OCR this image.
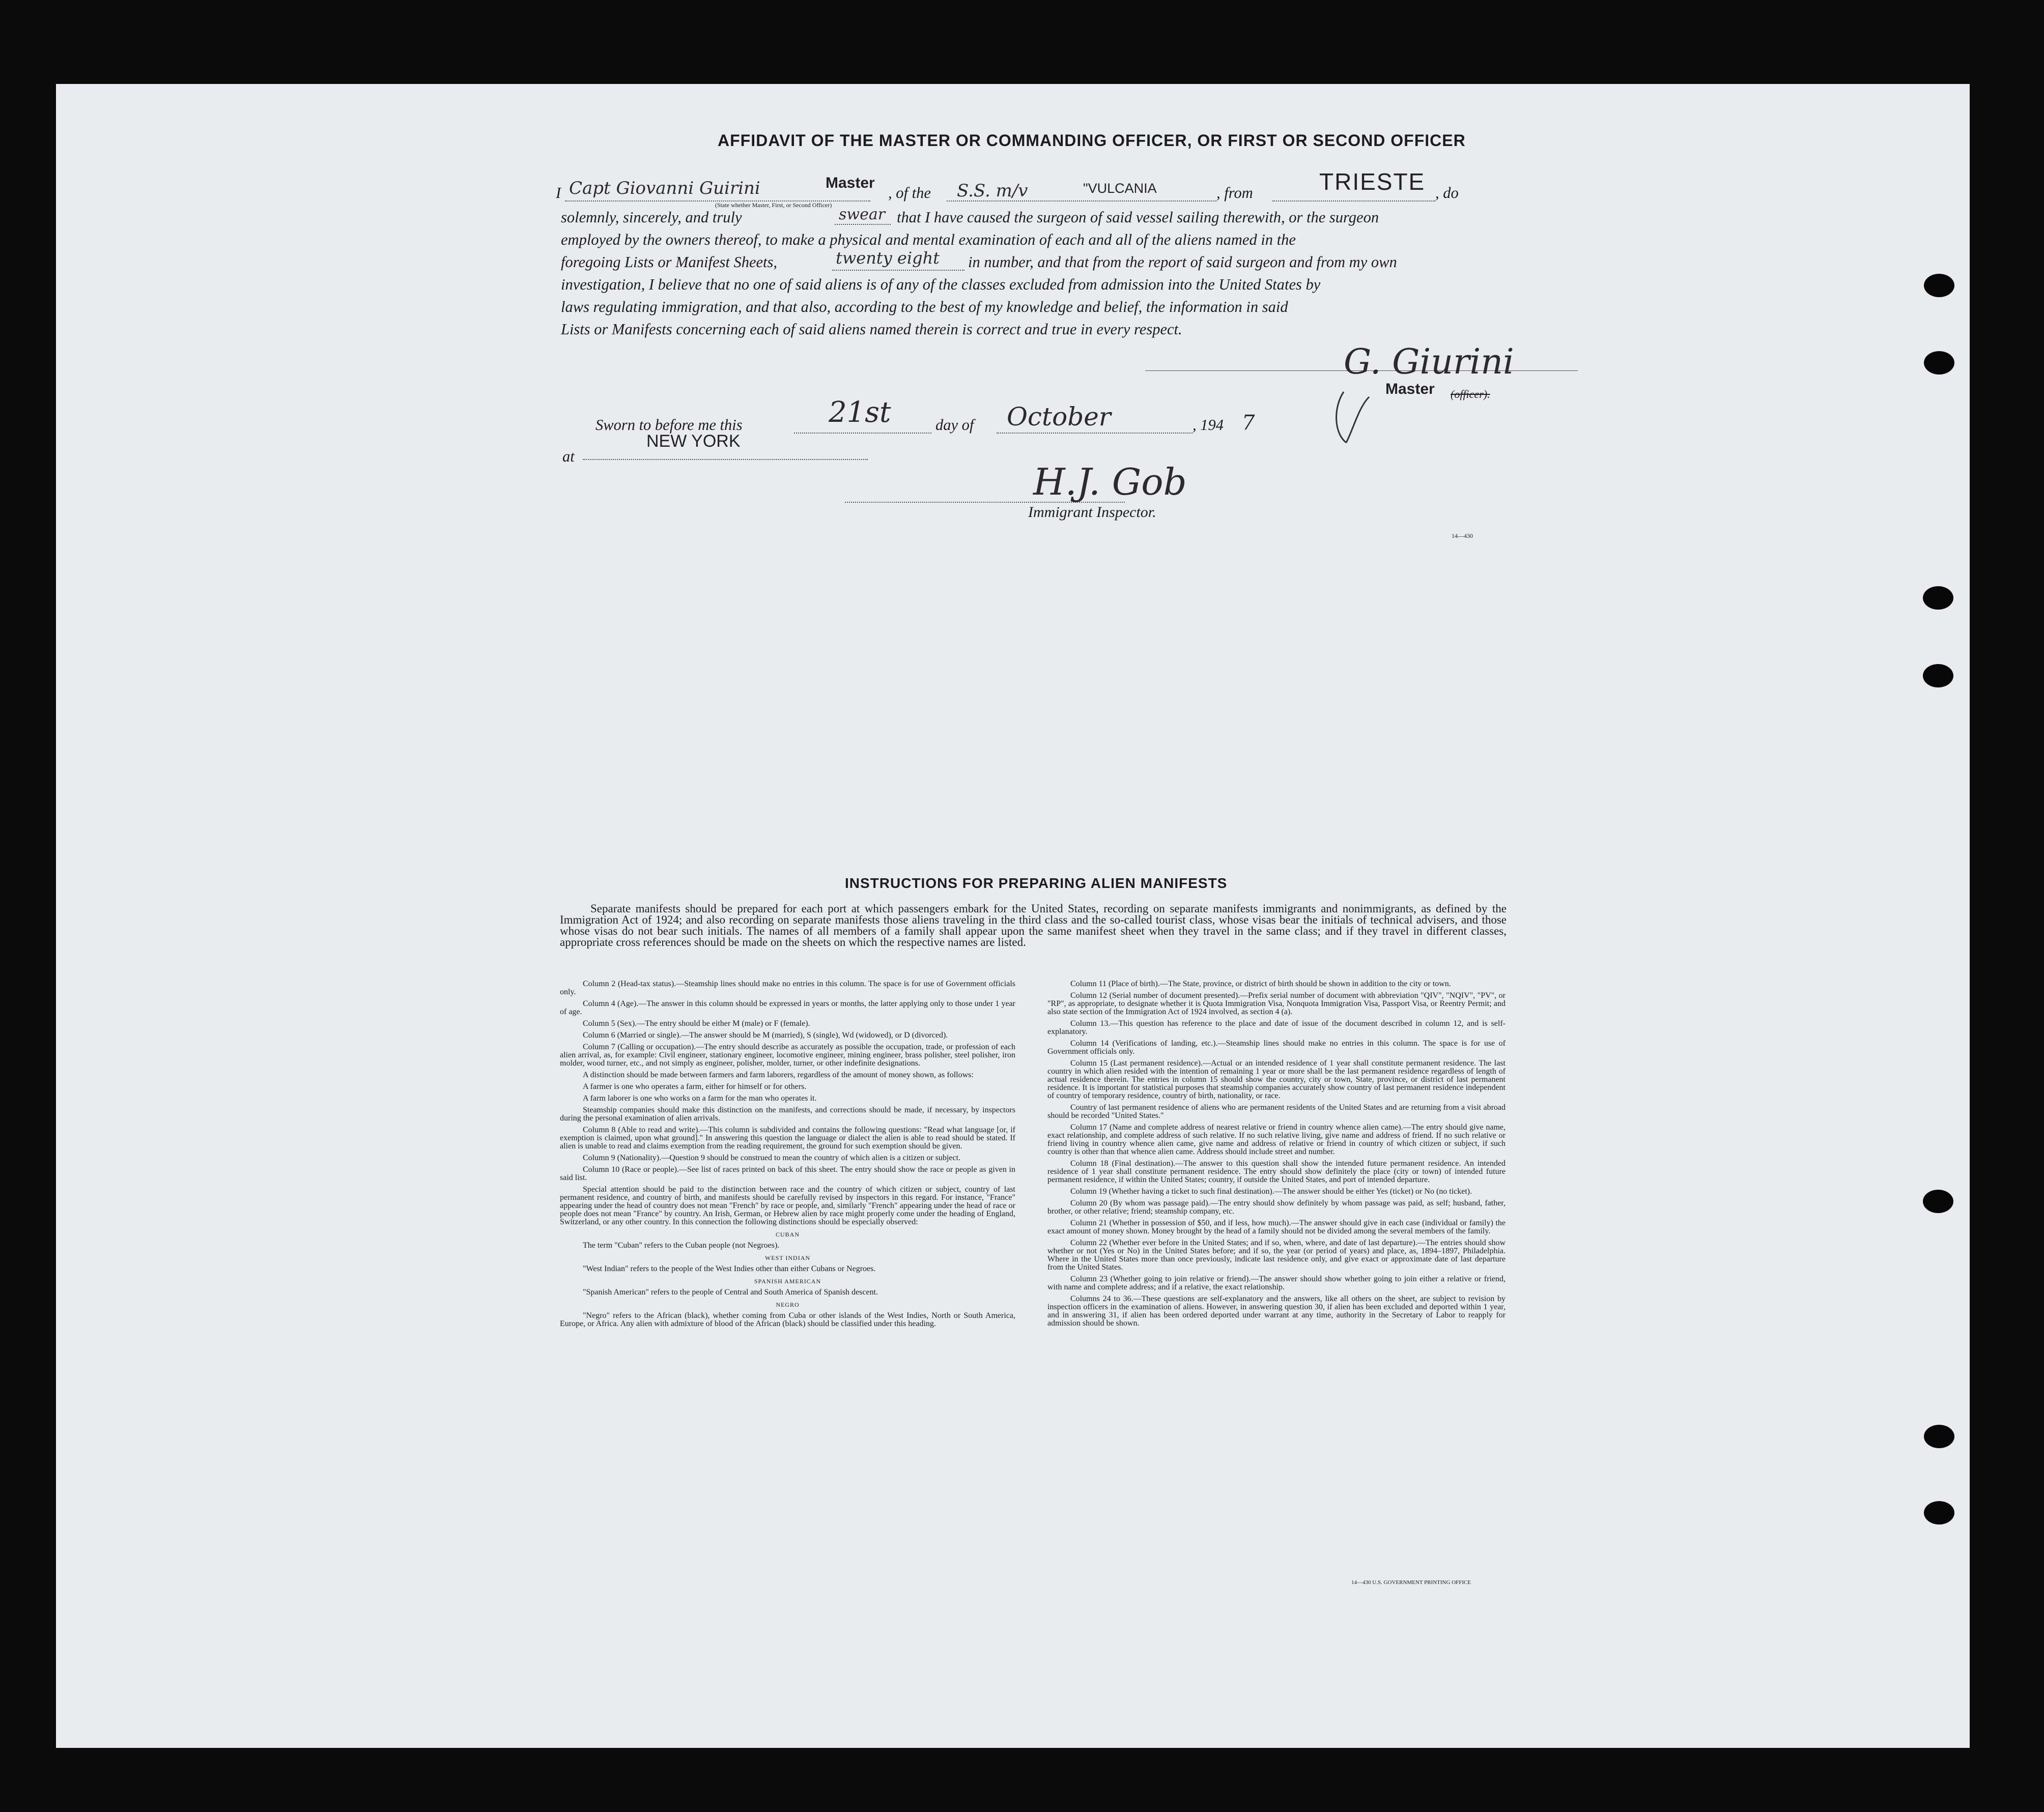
AFFIDAVIT OF THE MASTER OR COMMANDING OFFICER, OR FIRST OR SECOND OFFICER
I Capt Giovanni Guirini	Master
, of the S.S. m/v	"VULCANIA	, from	TRIESTE , do
(State whether Master, First, or Second Officer)
solemnly, sincerely, and truly	swear that I have caused the surgeon of said vessel sailing therewith, or the surgeon
employed by the owners thereof, to make a physical and mental examination of each and all of the aliens named in the
foregoing Lists or Manifest Sheets,	twenty eight in number, and that from the report of said surgeon and from my own
investigation, I believe that no one of said aliens is of any of the classes excluded from admission into the United States by
laws regulating immigration, and that also, according to the best of my knowledge and belief, the information in said
Lists or Manifests concerning each of said aliens named therein is correct and true in every respect.
G. Giurini
Master (officer).
Sworn to before me this	21st	day of October	, 194 7
at
NEW YORK
H.J. Gob
Immigrant Inspector.
14—430
INSTRUCTIONS FOR PREPARING ALIEN MANIFESTS

Separate manifests should be prepared for each port at which passengers embark for the United States, recording on separate manifests immigrants and nonimmigrants, as defined by the Immigration Act of 1924; and also recording on separate manifests those aliens traveling in the third class and the so-called tourist class, whose visas bear the initials of technical advisers, and those whose visas do not bear such initials. The names of all members of a family shall appear upon the same manifest sheet when they travel in the same class; and if they travel in different classes, appropriate cross references should be made on the sheets on which the respective names are listed.

Column 2 (Head-tax status).—Steamship lines should make no entries in this column. The space is for use of Government officials only.

Column 4 (Age).—The answer in this column should be expressed in years or months, the latter applying only to those under 1 year of age.

Column 5 (Sex).—The entry should be either M (male) or F (female).

Column 6 (Married or single).—The answer should be M (married), S (single), Wd (widowed), or D (divorced).

Column 7 (Calling or occupation).—The entry should describe as accurately as possible the occupation, trade, or profession of each alien arrival, as, for example: Civil engineer, stationary engineer, locomotive engineer, mining engineer, brass polisher, steel polisher, iron molder, wood turner, etc., and not simply as engineer, polisher, molder, turner, or other indefinite designations.

A distinction should be made between farmers and farm laborers, regardless of the amount of money shown, as follows:

A farmer is one who operates a farm, either for himself or for others.

A farm laborer is one who works on a farm for the man who operates it.

Steamship companies should make this distinction on the manifests, and corrections should be made, if necessary, by inspectors during the personal examination of alien arrivals.

Column 8 (Able to read and write).—This column is subdivided and contains the following questions: "Read what language [or, if exemption is claimed, upon what ground]." In answering this question the language or dialect the alien is able to read should be stated. If alien is unable to read and claims exemption from the reading requirement, the ground for such exemption should be given.

Column 9 (Nationality).—Question 9 should be construed to mean the country of which alien is a citizen or subject.

Column 10 (Race or people).—See list of races printed on back of this sheet. The entry should show the race or people as given in said list.

Special attention should be paid to the distinction between race and the country of which citizen or subject, country of last permanent residence, and country of birth, and manifests should be carefully revised by inspectors in this regard. For instance, "France" appearing under the head of country does not mean "French" by race or people, and, similarly "French" appearing under the head of race or people does not mean "France" by country. An Irish, German, or Hebrew alien by race might properly come under the heading of England, Switzerland, or any other country. In this connection the following distinctions should be especially observed:

CUBAN

The term "Cuban" refers to the Cuban people (not Negroes).

WEST INDIAN

"West Indian" refers to the people of the West Indies other than either Cubans or Negroes.

SPANISH AMERICAN

"Spanish American" refers to the people of Central and South America of Spanish descent.

NEGRO

"Negro" refers to the African (black), whether coming from Cuba or other islands of the West Indies, North or South America, Europe, or Africa. Any alien with admixture of blood of the African (black) should be classified under this heading.

Column 11 (Place of birth).—The State, province, or district of birth should be shown in addition to the city or town.

Column 12 (Serial number of document presented).—Prefix serial number of document with abbreviation "QIV", "NQIV", "PV", or "RP", as appropriate, to designate whether it is Quota Immigration Visa, Nonquota Immigration Visa, Passport Visa, or Reentry Permit; and also state section of the Immigration Act of 1924 involved, as section 4 (a).

Column 13.—This question has reference to the place and date of issue of the document described in column 12, and is self-explanatory.

Column 14 (Verifications of landing, etc.).—Steamship lines should make no entries in this column. The space is for use of Government officials only.

Column 15 (Last permanent residence).—Actual or an intended residence of 1 year shall constitute permanent residence. The last country in which alien resided with the intention of remaining 1 year or more shall be the last permanent residence regardless of length of actual residence therein. The entries in column 15 should show the country, city or town, State, province, or district of last permanent residence. It is important for statistical purposes that steamship companies accurately show country of last permanent residence independent of country of temporary residence, country of birth, nationality, or race.

Country of last permanent residence of aliens who are permanent residents of the United States and are returning from a visit abroad should be recorded "United States."

Column 17 (Name and complete address of nearest relative or friend in country whence alien came).—The entry should give name, exact relationship, and complete address of such relative. If no such relative living, give name and address of friend. If no such relative or friend living in country whence alien came, give name and address of relative or friend in country of which citizen or subject, if such country is other than that whence alien came. Address should include street and number.

Column 18 (Final destination).—The answer to this question shall show the intended future permanent residence. An intended residence of 1 year shall constitute permanent residence. The entry should show definitely the place (city or town) of intended future permanent residence, if within the United States; country, if outside the United States, and port of intended departure.

Column 19 (Whether having a ticket to such final destination).—The answer should be either Yes (ticket) or No (no ticket).

Column 20 (By whom was passage paid).—The entry should show definitely by whom passage was paid, as self; husband, father, brother, or other relative; friend; steamship company, etc.

Column 21 (Whether in possession of $50, and if less, how much).—The answer should give in each case (individual or family) the exact amount of money shown. Money brought by the head of a family should not be divided among the several members of the family.

Column 22 (Whether ever before in the United States; and if so, when, where, and date of last departure).—The entries should show whether or not (Yes or No) in the United States before; and if so, the year (or period of years) and place, as, 1894–1897, Philadelphia. Where in the United States more than once previously, indicate last residence only, and give exact or approximate date of last departure from the United States.

Column 23 (Whether going to join relative or friend).—The answer should show whether going to join either a relative or friend, with name and complete address; and if a relative, the exact relationship.

Columns 24 to 36.—These questions are self-explanatory and the answers, like all others on the sheet, are subject to revision by inspection officers in the examination of aliens. However, in answering question 30, if alien has been excluded and deported within 1 year, and in answering 31, if alien has been ordered deported under warrant at any time, authority in the Secretary of Labor to reapply for admission should be shown.

14—430 U.S. GOVERNMENT PRINTING OFFICE
